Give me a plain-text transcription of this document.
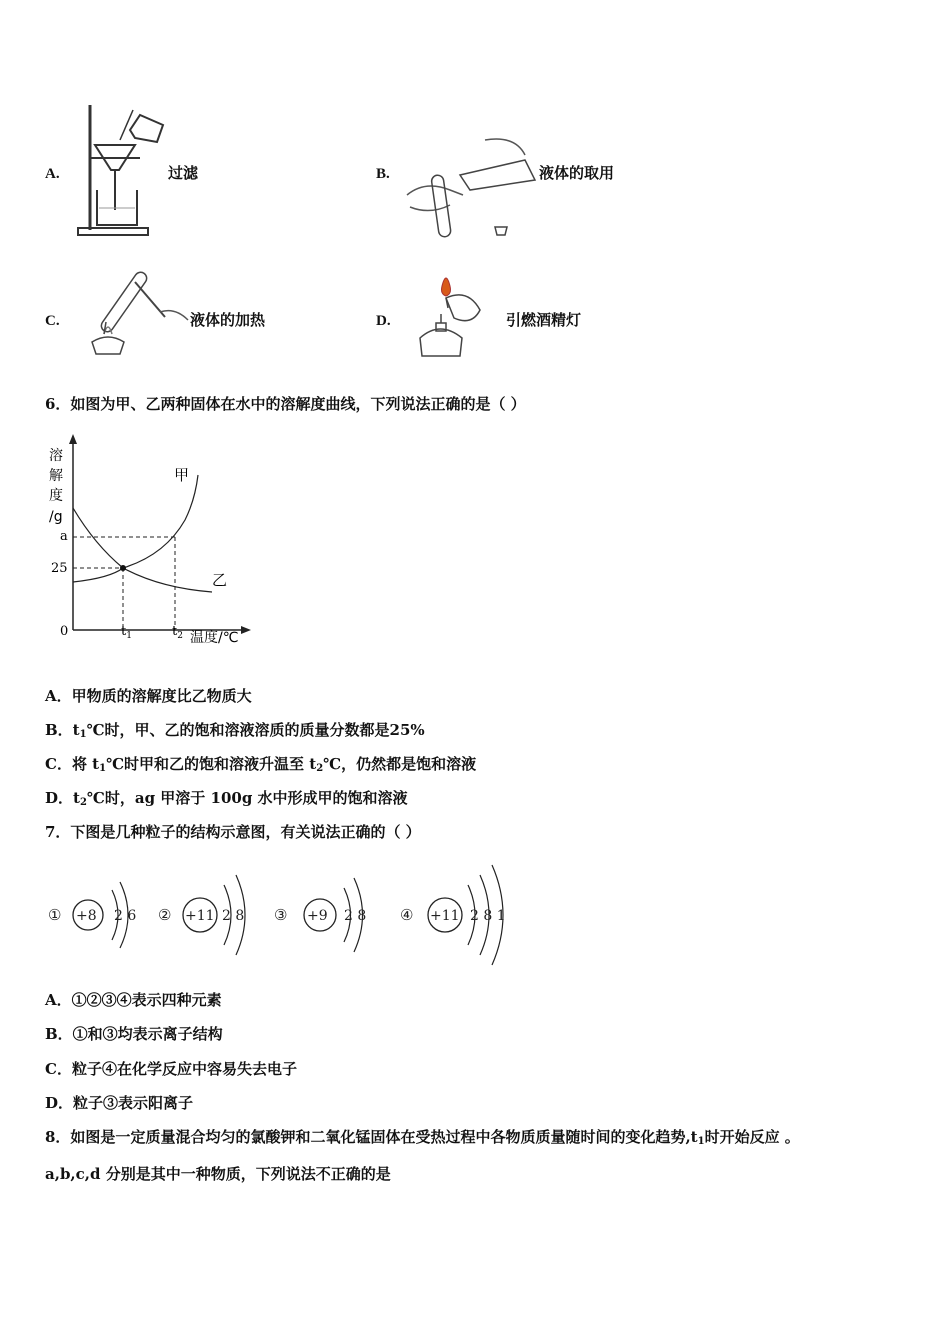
A.	过滤	B.	液体的取用
C.	液体的加热	D.	引燃酒精灯
6．如图为甲、乙两种固体在水中的溶解度曲线，下列说法正确的是（ ）
溶
解
度
/g
a
25
0	$t_1$	$t_2$ 温度/℃
甲
乙
A．甲物质的溶解度比乙物质大
B．$t_1℃$时，甲、乙的饱和溶液溶质的质量分数都是25%
C．将 $t_1℃$时甲和乙的饱和溶液升温至 $t_2℃$，仍然都是饱和溶液
D．$t_2℃$时，ag 甲溶于 100g 水中形成甲的饱和溶液
7．下图是几种粒子的结构示意图，有关说法正确的（ ）
① +8 2 6 ② +11 2 8 ③ +9 2 8 ④ +11 2 8 1
A．①②③④表示四种元素
B．①和③均表示离子结构
C．粒子④在化学反应中容易失去电子
D．粒子③表示阳离子
8．如图是一定质量混合均匀的氯酸钾和二氧化锰固体在受热过程中各物质质量随时间的变化趋势$,t_1$时开始反应 。
a,b,c,d 分别是其中一种物质，下列说法不正确的是
